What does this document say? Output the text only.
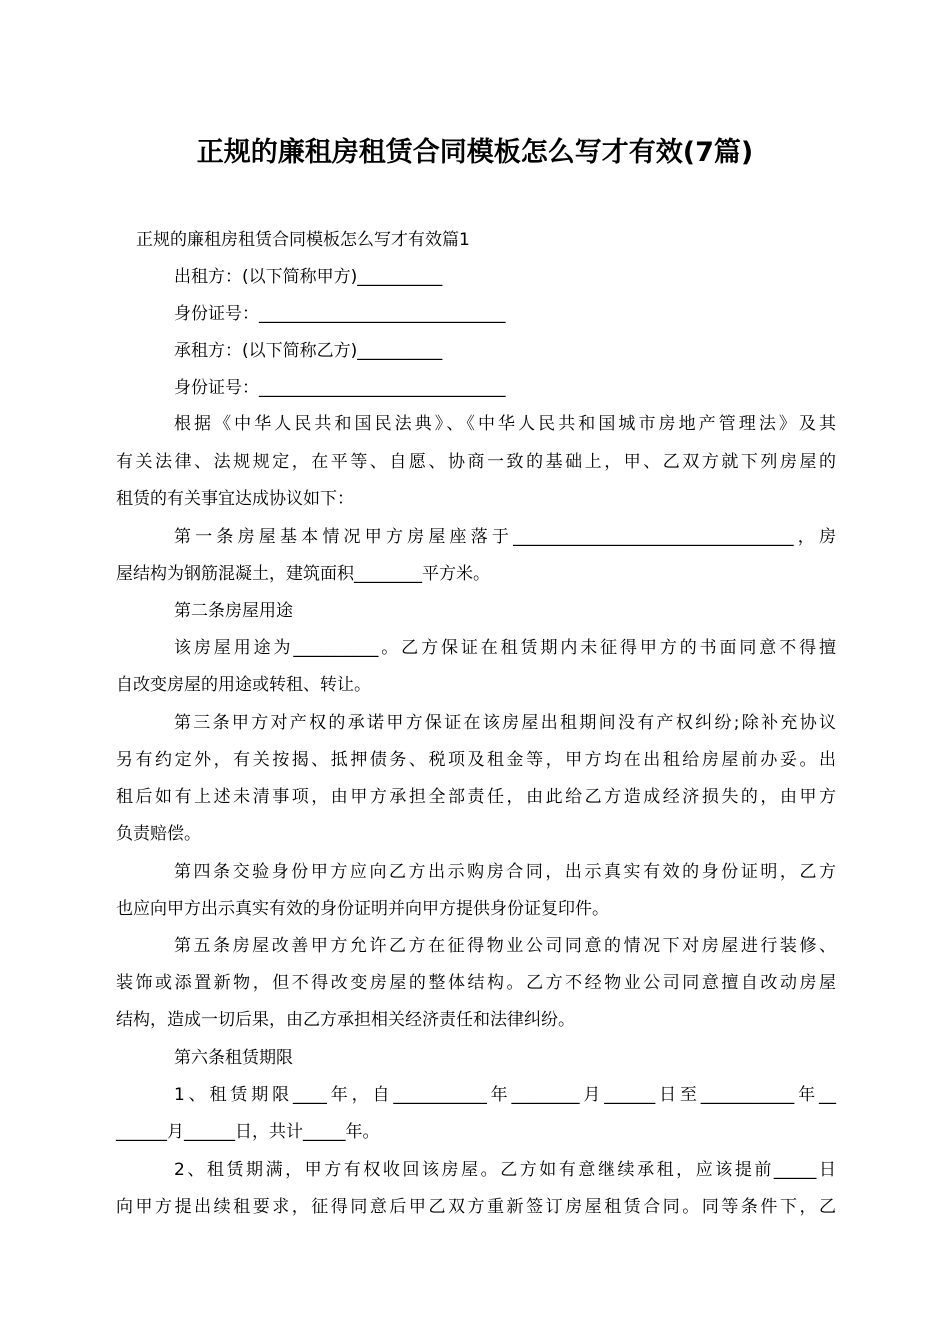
正规的廉租房租赁合同模板怎么写才有效(7篇)
正规的廉租房租赁合同模板怎么写才有效篇1
出租方：(以下简称甲方)__________
身份证号：_____________________________
承租方：(以下简称乙方)__________
身份证号：_____________________________
根据《中华人民共和国民法典》、《中华人民共和国城市房地产管理法》及其
有关法律、法规规定，在平等、自愿、协商一致的基础上，甲、乙双方就下列房屋的
租赁的有关事宜达成协议如下：
第一条房屋基本情况甲方房屋座落于_________________________________，房
屋结构为钢筋混凝土，建筑面积________平方米。
第二条房屋用途
该房屋用途为__________。乙方保证在租赁期内未征得甲方的书面同意不得擅
自改变房屋的用途或转租、转让。
第三条甲方对产权的承诺甲方保证在该房屋出租期间没有产权纠纷;除补充协议
另有约定外，有关按揭、抵押债务、税项及租金等，甲方均在出租给房屋前办妥。出
租后如有上述未清事项，由甲方承担全部责任，由此给乙方造成经济损失的，由甲方
负责赔偿。
第四条交验身份甲方应向乙方出示购房合同，出示真实有效的身份证明，乙方
也应向甲方出示真实有效的身份证明并向甲方提供身份证复印件。
第五条房屋改善甲方允许乙方在征得物业公司同意的情况下对房屋进行装修、
装饰或添置新物，但不得改变房屋的整体结构。乙方不经物业公司同意擅自改动房屋
结构，造成一切后果，由乙方承担相关经济责任和法律纠纷。
第六条租赁期限
1、租赁期限____年，自___________年________月______日至___________年__
______月______日，共计_____年。
2、租赁期满，甲方有权收回该房屋。乙方如有意继续承租，应该提前_____日
向甲方提出续租要求，征得同意后甲乙双方重新签订房屋租赁合同。同等条件下，乙
